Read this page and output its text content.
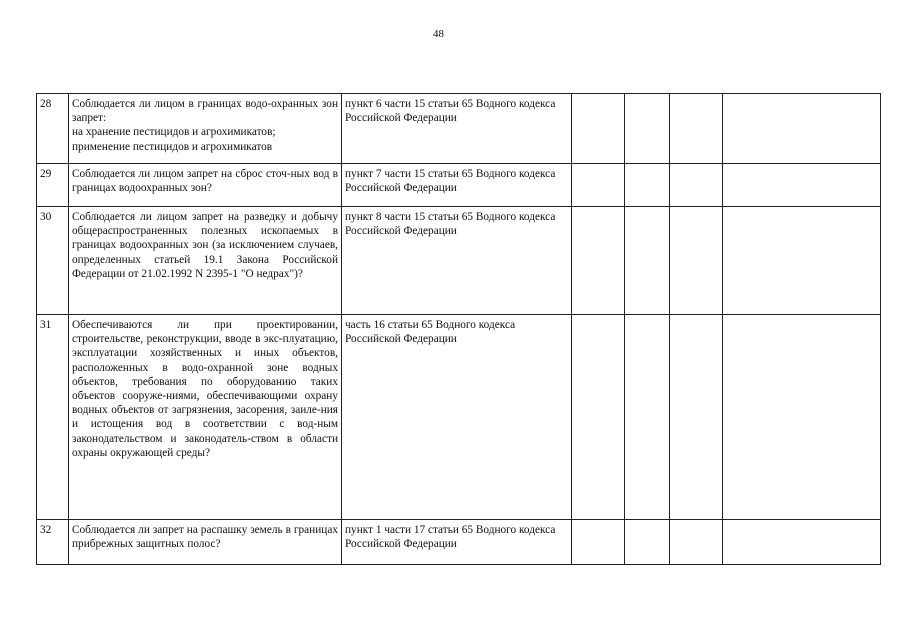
48
28	Соблюдается ли лицом в границах водо-охранных зон запрет:
на хранение пестицидов и агрохимикатов;
применение пестицидов и агрохимикатов	пункт 6 части 15 статьи 65 Водного кодекса Российской Федерации				
29	Соблюдается ли лицом запрет на сброс сточ-ных вод в границах водоохранных зон?	пункт 7 части 15 статьи 65 Водного кодекса Российской Федерации				
30	Соблюдается ли лицом запрет на разведку и добычу общераспространенных полезных ископаемых в границах водоохранных зон (за исключением случаев, определенных статьей 19.1 Закона Российской Федерации от 21.02.1992 N 2395-1 "О недрах")?	пункт 8 части 15 статьи 65 Водного кодекса Российской Федерации				
31	Обеспечиваются ли при проектировании, строительстве, реконструкции, вводе в экс-плуатацию, эксплуатации хозяйственных и иных объектов, расположенных в водо-охранной зоне водных объектов, требования по оборудованию таких объектов сооруже-ниями, обеспечивающими охрану водных объектов от загрязнения, засорения, заиле-ния и истощения вод в соответствии с вод-ным законодательством и законодатель-ством в области охраны окружающей среды?	часть 16 статьи 65 Водного кодекса Российской Федерации				
32	Соблюдается ли запрет на распашку земель в границах прибрежных защитных полос?	пункт 1 части 17 статьи 65 Водного кодекса Российской Федерации				
